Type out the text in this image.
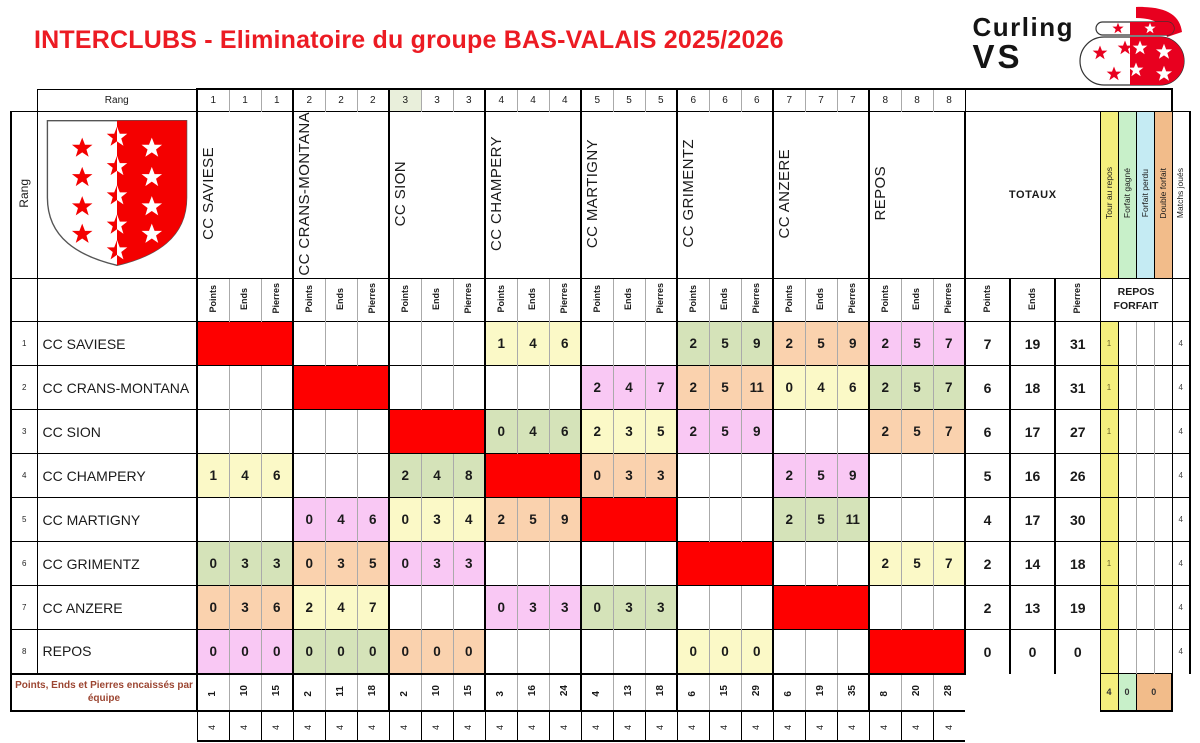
INTERCLUBS - Eliminatoire du groupe BAS-VALAIS 2025/2026	Curling
VS
	Rang	1	1	1	2	2	2	3	3	3	4	4	4	5	5	5	6	6	6	7	7	7	8	8	8								
Rang		CC SAVIESE			CC CRANS-MONTANA			CC SION			CC CHAMPERY			CC MARTIGNY			CC GRIMENTZ			CC ANZERE			REPOS			TOTAUX			Tour au repos	Forfait gagné	Forfait perdu	Double forfait	Matchs joués
		Points	Ends	Pierres	Points	Ends	Pierres	Points	Ends	Pierres	Points	Ends	Pierres	Points	Ends	Pierres	Points	Ends	Pierres	Points	Ends	Pierres	Points	Ends	Pierres	Points	Ends	Pierres	REPOS
FORFAIT				

1	CC SAVIESE										1	4	6				2	5	9	2	5	9	2	5	7	7	19	31	1				4
2	CC CRANS-MONTANA													2	4	7	2	5	11	0	4	6	2	5	7	6	18	31	1				4
3	CC SION										0	4	6	2	3	5	2	5	9				2	5	7	6	17	27	1				4
4	CC CHAMPERY	1	4	6				2	4	8				0	3	3				2	5	9				5	16	26					4
5	CC MARTIGNY				0	4	6	0	3	4	2	5	9							2	5	11				4	17	30					4
6	CC GRIMENTZ	0	3	3	0	3	5	0	3	3													2	5	7	2	14	18	1				4
7	CC ANZERE	0	3	6	2	4	7				0	3	3	0	3	3										2	13	19					4
8	REPOS	0	0	0	0	0	0	0	0	0							0	0	0							0	0	0					4

Points, Ends et Pierres encaissés par
équipe		1	10	15	2	11	18	2	10	15	3	16	24	4	13	18	6	15	29	6	19	35	8	20	28				4	0	0		
		4	4	4	4	4	4	4	4	4	4	4	4	4	4	4	4	4	4	4	4	4	4	4	4								
